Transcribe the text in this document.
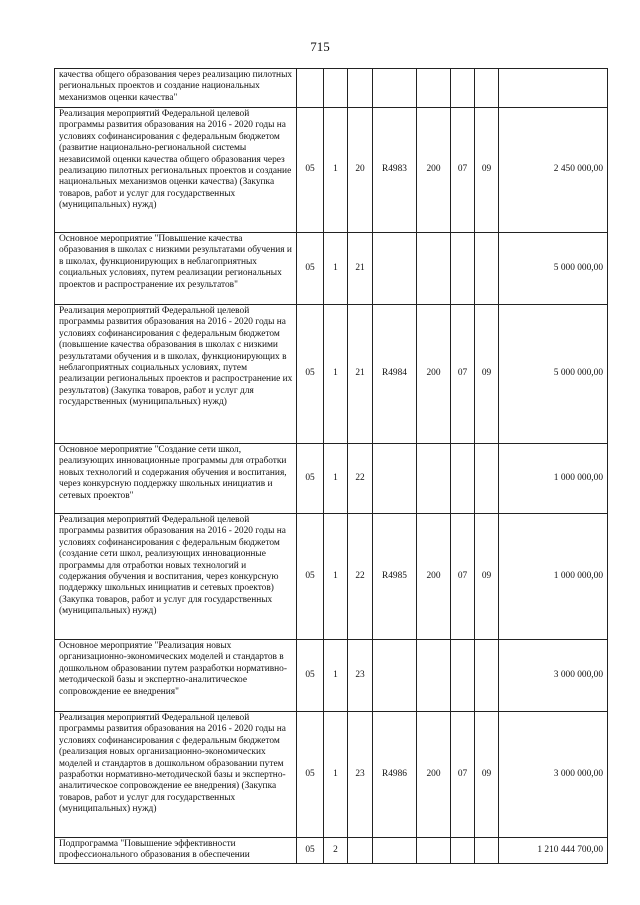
715
качества общего образования через реализацию пилотных региональных проектов и создание национальных механизмов оценки качества"								
Реализация мероприятий Федеральной целевой программы развития образования на 2016 - 2020 годы на условиях софинансирования с федеральным бюджетом (развитие национально-региональной системы независимой оценки качества общего образования через реализацию пилотных региональных проектов и создание национальных механизмов оценки качества) (Закупка товаров, работ и услуг для государственных (муниципальных) нужд)	05	1	20	R4983	200	07	09	2 450 000,00
Основное мероприятие "Повышение качества образования в школах с низкими результатами обучения и в школах, функционирующих в неблагоприятных социальных условиях, путем реализации региональных проектов и распространение их результатов"	05	1	21					5 000 000,00
Реализация мероприятий Федеральной целевой программы развития образования на 2016 - 2020 годы на условиях софинансирования с федеральным бюджетом (повышение качества образования в школах с низкими результатами обучения и в школах, функционирующих в неблагоприятных социальных условиях, путем реализации региональных проектов и распространение их результатов) (Закупка товаров, работ и услуг для государственных (муниципальных) нужд)	05	1	21	R4984	200	07	09	5 000 000,00
Основное мероприятие "Создание сети школ, реализующих инновационные программы для отработки новых технологий и содержания обучения и воспитания, через конкурсную поддержку школьных инициатив и сетевых проектов"	05	1	22					1 000 000,00
Реализация мероприятий Федеральной целевой программы развития образования на 2016 - 2020 годы на условиях софинансирования с федеральным бюджетом (создание сети школ, реализующих инновационные программы для отработки новых технологий и содержания обучения и воспитания, через конкурсную поддержку школьных инициатив и сетевых проектов) (Закупка товаров, работ и услуг для государственных (муниципальных) нужд)	05	1	22	R4985	200	07	09	1 000 000,00
Основное мероприятие "Реализация новых организационно-экономических моделей и стандартов в дошкольном образовании путем разработки нормативно-методической базы и экспертно-аналитическое сопровождение ее внедрения"	05	1	23					3 000 000,00
Реализация мероприятий Федеральной целевой программы развития образования на 2016 - 2020 годы на условиях софинансирования с федеральным бюджетом (реализация новых организационно-экономических моделей и стандартов в дошкольном образовании путем разработки нормативно-методической базы и экспертно-аналитическое сопровождение ее внедрения) (Закупка товаров, работ и услуг для государственных (муниципальных) нужд)	05	1	23	R4986	200	07	09	3 000 000,00
Подпрограмма "Повышение эффективности профессионального образования в обеспечении	05	2						1 210 444 700,00
